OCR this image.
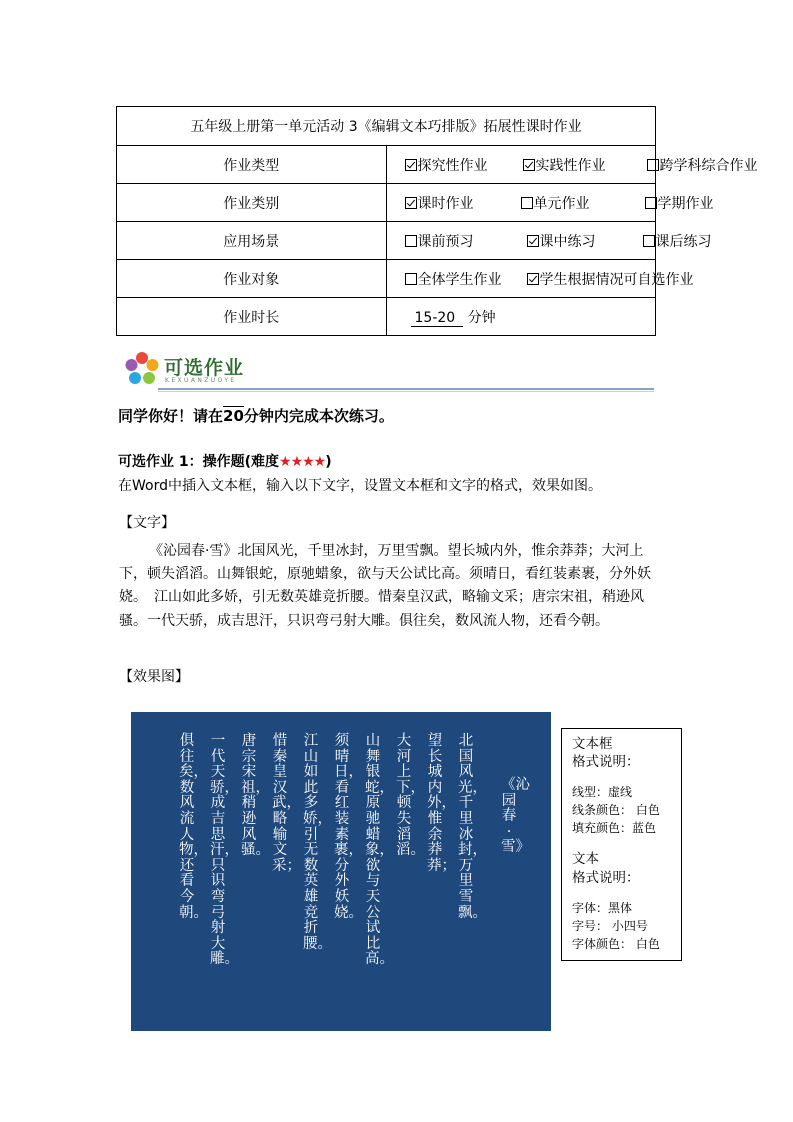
五年级上册第一单元活动 3《编辑文本巧排版》拓展性课时作业	
作业类型	探究性作业 实践性作业 跨学科综合作业
作业类别	课时作业 单元作业 学期作业
应用场景	课前预习 课中练习 课后练习
作业对象	全体学生作业 学生根据情况可自选作业
作业时长	15-20 分钟
可选作业
KEXUANZUOYE
同学你好！请在20分钟内完成本次练习。
可选作业 1：操作题(难度★★★★)
在Word中插入文本框，输入以下文字，设置文本框和文字的格式，效果如图。
【文字】
《沁园春·雪》北国风光，千里冰封，万里雪飘。望长城内外，惟余莽莽；大河上下，顿失滔滔。山舞银蛇，原驰蜡象，欲与天公试比高。须晴日，看红装素裹，分外妖娆。　江山如此多娇，引无数英雄竞折腰。惜秦皇汉武，略输文采；唐宗宋祖，稍逊风骚。一代天骄，成吉思汗，只识弯弓射大雕。俱往矣，数风流人物，还看今朝。
【效果图】
《沁园春·雪》
北国风光，千里冰封，万里雪飘。
望长城内外，惟余莽莽；
大河上下，顿失滔滔。
山舞银蛇，原驰蜡象，欲与天公试比高。
须晴日，看红装素裹，分外妖娆。
江山如此多娇，引无数英雄竞折腰。
惜秦皇汉武，略输文采；
唐宗宋祖，稍逊风骚。
一代天骄，成吉思汗，只识弯弓射大雕。
俱往矣，数风流人物，还看今朝。
文本框
格式说明：
线型：虚线
线条颜色： 白色
填充颜色：蓝色
文本
格式说明：
字体：黑体
字号： 小四号
字体颜色： 白色
